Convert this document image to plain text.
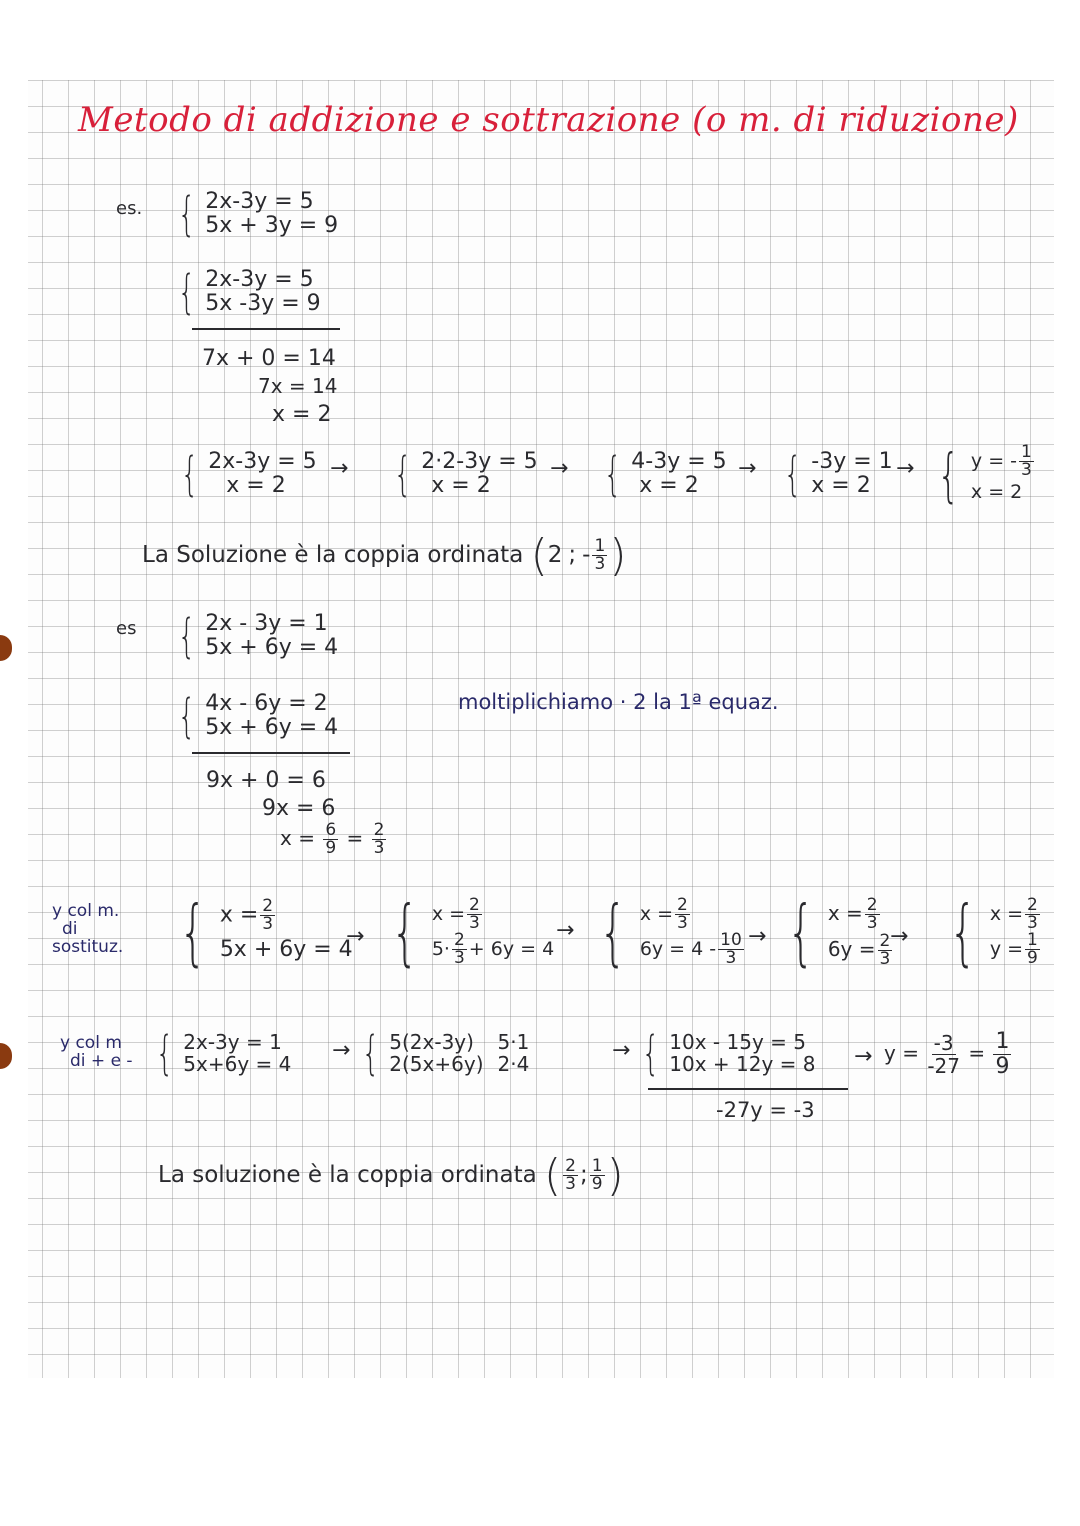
Metodo di addizione e sottrazione (o m. di riduzione)
es. { 2x-3y = 5
5x + 3y = 9
{ 2x-3y = 5
5x -3y = 9
7x + 0 = 14
7x = 14
x = 2
{ 2x-3y = 5
x = 2
→ { 2·2-3y = 5
x = 2
→ { 4-3y = 5
x = 2
→ { -3y = 1
x = 2
→ { y = - $\frac{1}{3}$
x = 2
La Soluzione è la coppia ordinata (2 ; - $\frac{1}{3}$ )
es { 2x - 3y = 1
5x + 6y = 4
{ 4x - 6y = 2
5x + 6y = 4
moltiplichiamo · 2 la 1ª equaz.
9x + 0 = 6
9x = 6
$x = \frac{6}{9} = \frac{2}{3}$
y col m.
di
sostituz. { $x = \frac{2}{3}$
5x + 6y = 4
→ { $x = \frac{2}{3}$
$5\cdot \frac{2}{3} + 6y = 4$
→ { $x = \frac{2}{3}$
$6y = 4 - \frac{10}{3}$ → { $x = \frac{2}{3}$
$6y = \frac{2}{3}$
→ { $x = \frac{2}{3}$
$y = \frac{1}{9}$
y col m
di + e - { 2x-3y = 1
5x+6y = 4
→ { 5(2x-3y)
2(5x+6y)
5·1
2·4
→ { 10x - 15y = 5
10x + 12y = 8
-27y = -3
→ $y = \frac{-3}{-27} = \frac{1}{9}$
La soluzione è la coppia ordinata ( $\frac{2}{3}$ ; $\frac{1}{9}$ )
